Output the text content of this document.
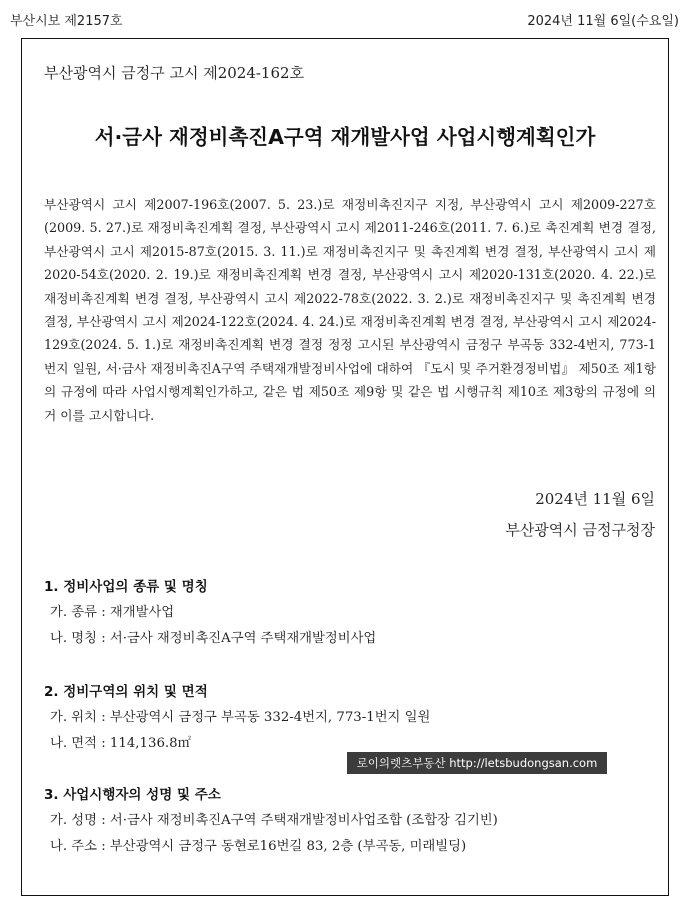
부산시보 제2157호	2024년 11월 6일(수요일)
부산광역시 금정구 고시 제2024-162호
서·금사 재정비촉진A구역 재개발사업 사업시행계획인가
부산광역시 고시 제2007-196호(2007. 5. 23.)로 재정비촉진지구 지정, 부산광역시 고시 제2009-227호(2009. 5. 27.)로 재정비촉진계획 결정, 부산광역시 고시 제2011-246호(2011. 7. 6.)로 촉진계획 변경 결정, 부산광역시 고시 제2015-87호(2015. 3. 11.)로 재정비촉진지구 및 촉진계획 변경 결정, 부산광역시 고시 제2020-54호(2020. 2. 19.)로 재정비촉진계획 변경 결정, 부산광역시 고시 제2020-131호(2020. 4. 22.)로 재정비촉진계획 변경 결정, 부산광역시 고시 제2022-78호(2022. 3. 2.)로 재정비촉진지구 및 촉진계획 변경 결정, 부산광역시 고시 제2024-122호(2024. 4. 24.)로 재정비촉진계획 변경 결정, 부산광역시 고시 제2024-129호(2024. 5. 1.)로 재정비촉진계획 변경 결정 정정 고시된 부산광역시 금정구 부곡동 332-4번지, 773-1번지 일원, 서·금사 재정비촉진A구역 주택재개발정비사업에 대하여 『도시 및 주거환경정비법』 제50조 제1항의 규정에 따라 사업시행계획인가하고, 같은 법 제50조 제9항 및 같은 법 시행규칙 제10조 제3항의 규정에 의거 이를 고시합니다.
2024년 11월 6일
부산광역시 금정구청장
1. 정비사업의 종류 및 명칭
가. 종류 : 재개발사업
나. 명칭 : 서·금사 재정비촉진A구역 주택재개발정비사업
2. 정비구역의 위치 및 면적
가. 위치 : 부산광역시 금정구 부곡동 332-4번지, 773-1번지 일원
나. 면적 : 114,136.8㎡
로이의렛츠부동산 http://letsbudongsan.com
3. 사업시행자의 성명 및 주소
가. 성명 : 서·금사 재정비촉진A구역 주택재개발정비사업조합 (조합장 김기빈)
나. 주소 : 부산광역시 금정구 동현로16번길 83, 2층 (부곡동, 미래빌딩)
